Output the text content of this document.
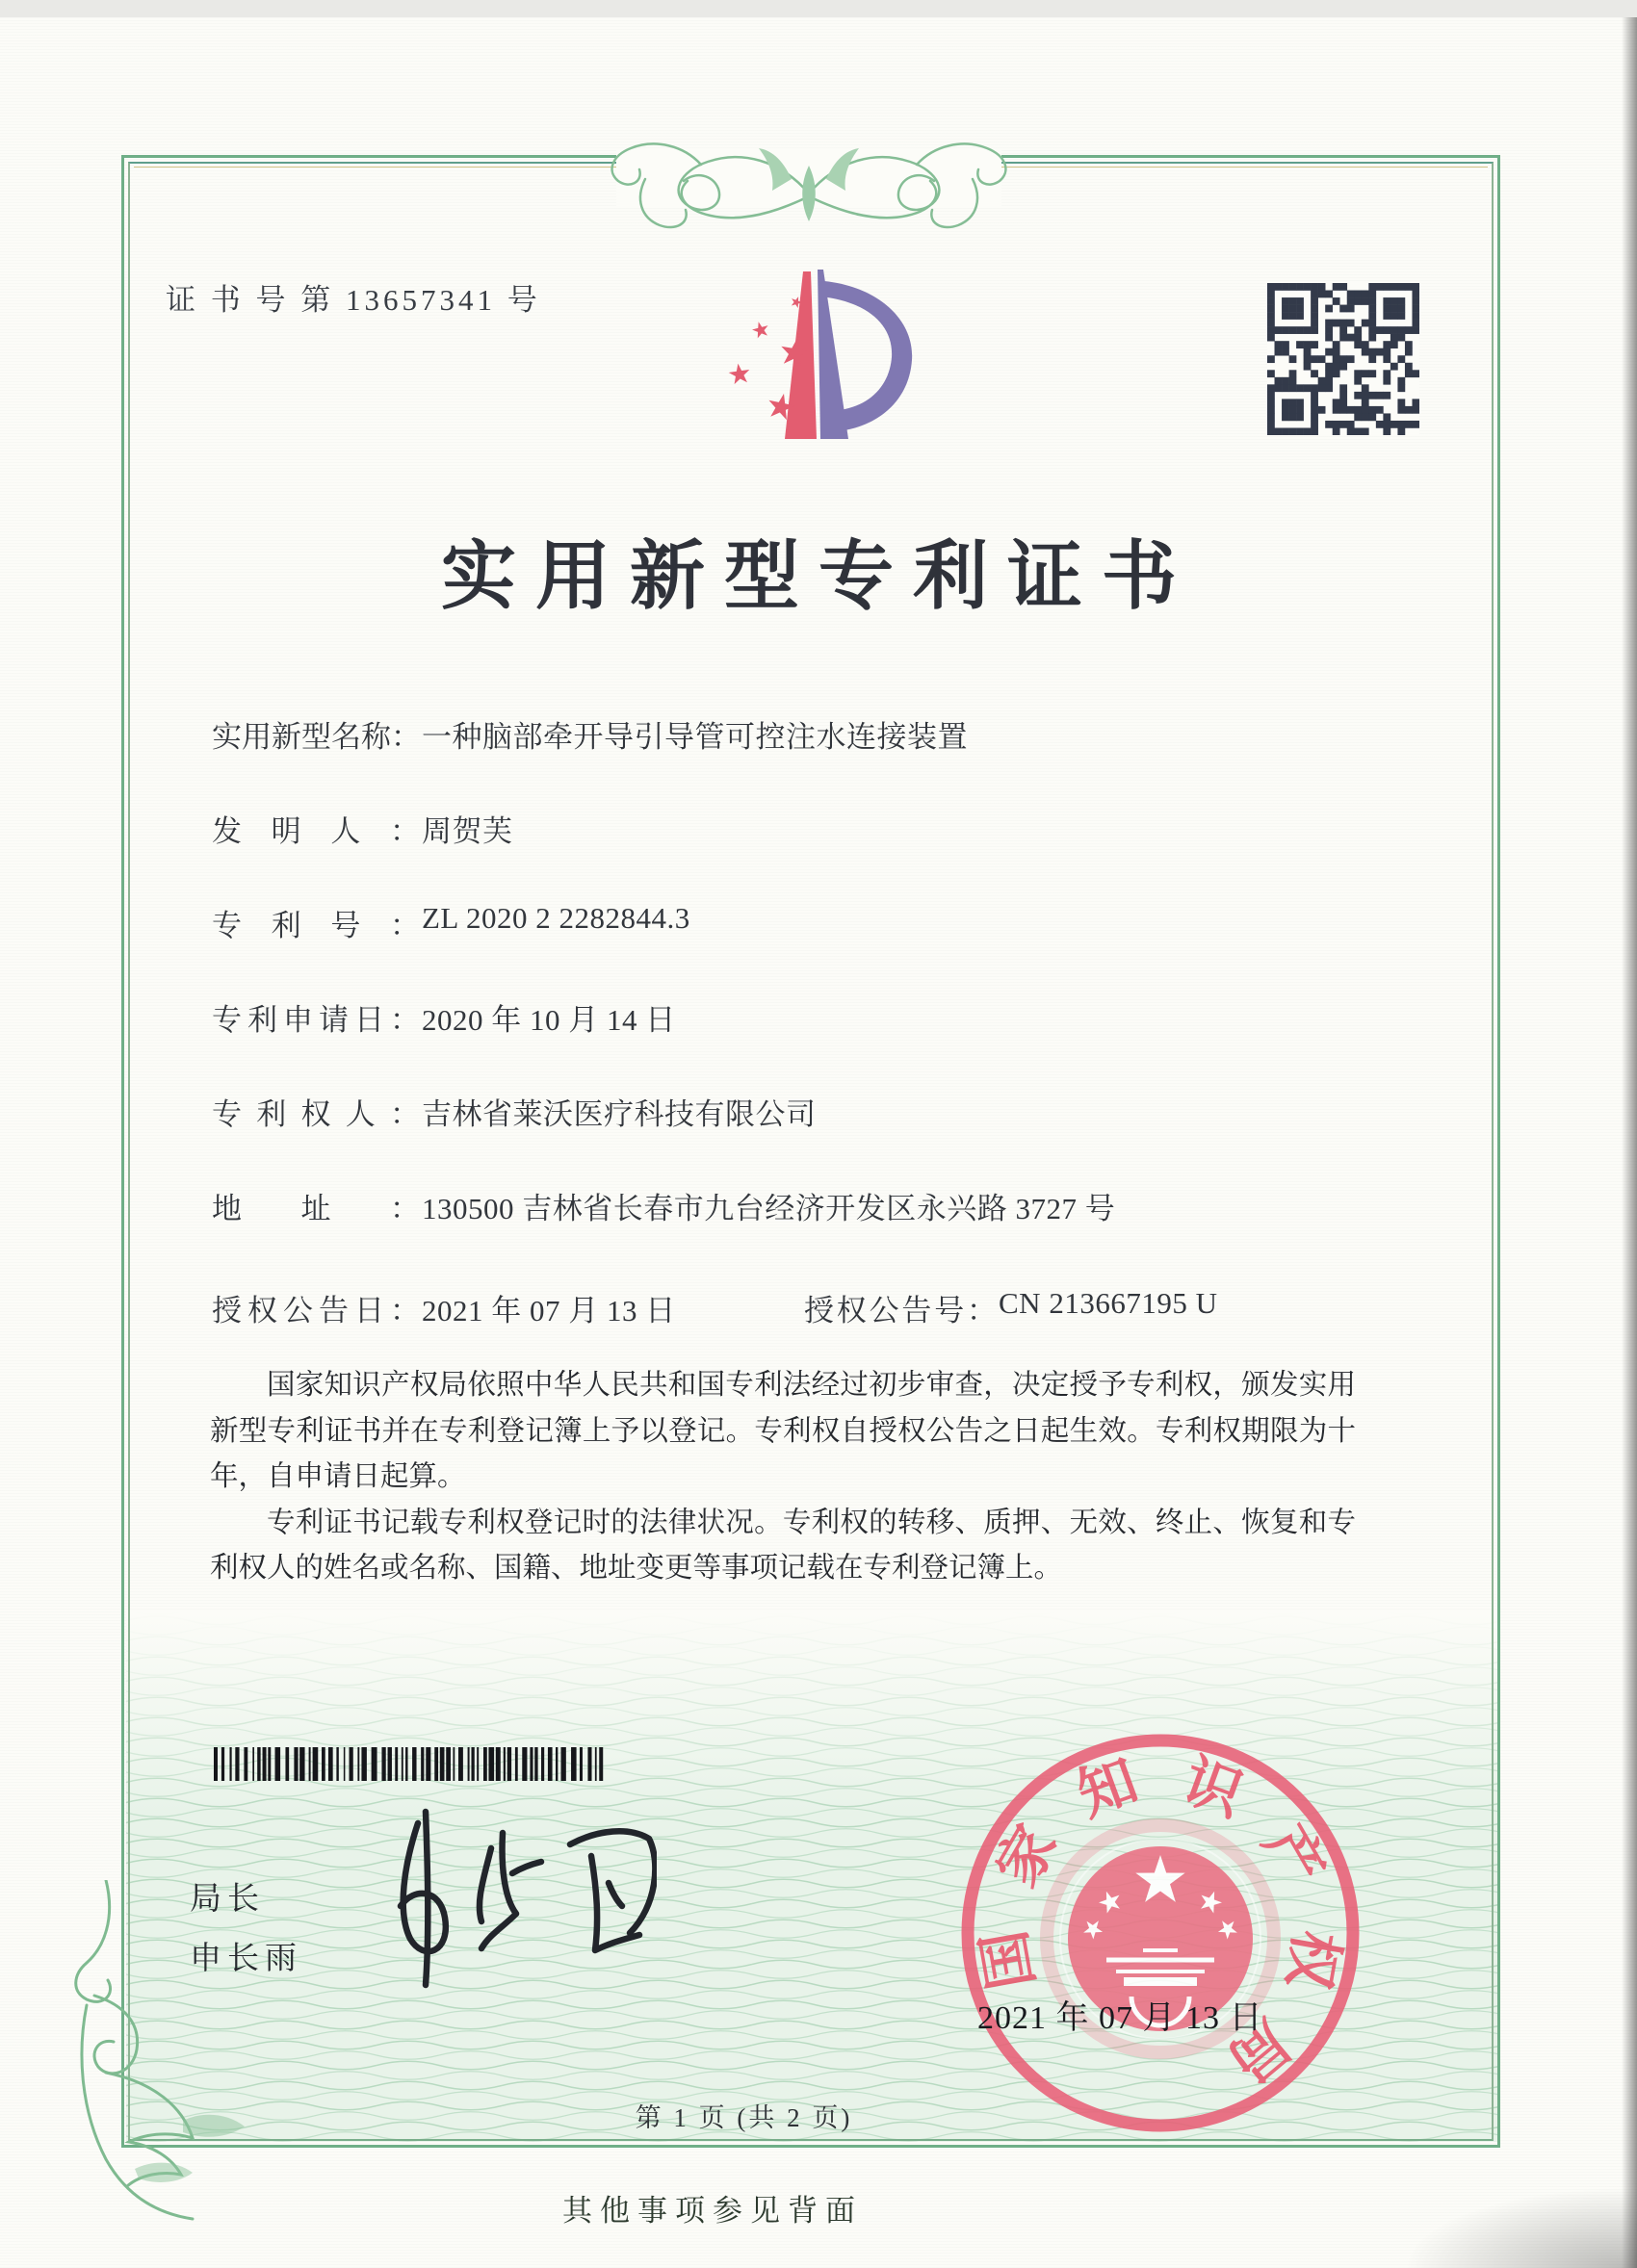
证 书 号 第 13657341 号
实用新型专利证书
实用新型名称：一种脑部牵开导引导管可控注水连接装置
发明人：周贺芙
专利号：ZL 2020 2 2282844.3
专利申请日：2020 年 10 月 14 日
专利权人：吉林省莱沃医疗科技有限公司
地址：130500 吉林省长春市九台经济开发区永兴路 3727 号
授权公告日：2021 年 07 月 13 日	授权公告号：CN 213667195 U

国家知识产权局依照中华人民共和国专利法经过初步审查，决定授予专利权，颁发实用新型专利证书并在专利登记簿上予以登记。专利权自授权公告之日起生效。专利权期限为十年，自申请日起算。

专利证书记载专利权登记时的法律状况。专利权的转移、质押、无效、终止、恢复和专利权人的姓名或名称、国籍、地址变更等事项记载在专利登记簿上。

局长
申长雨	国
家
知 识
产
权
局
2021 年 07 月 13 日
第 1 页 (共 2 页)
其他事项参见背面
